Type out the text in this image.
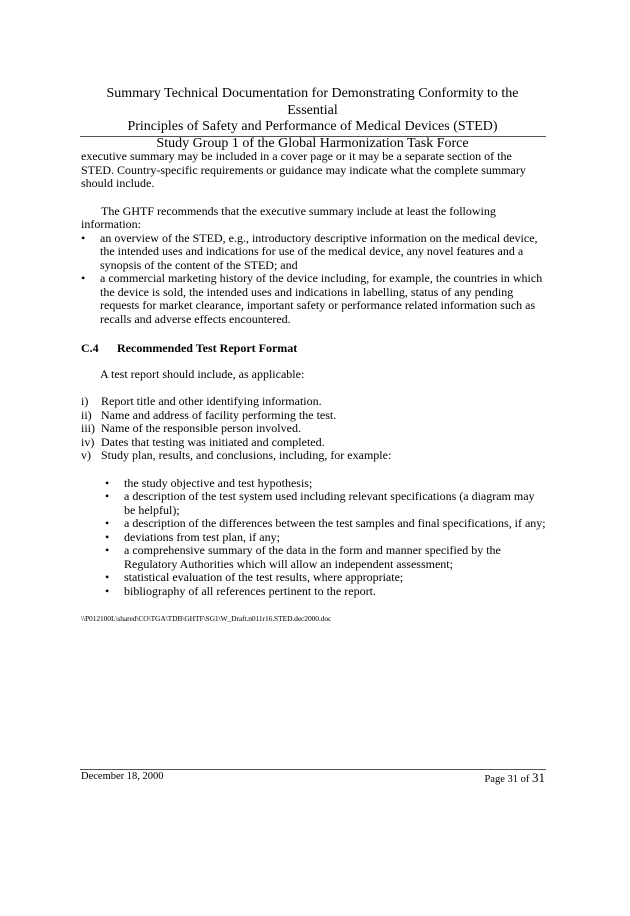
Summary Technical Documentation for Demonstrating Conformity to the Essential
Principles of Safety and Performance of Medical Devices (STED)
Study Group 1 of the Global Harmonization Task Force

executive summary may be included in a cover page or it may be a separate section of the STED. Country-specific requirements or guidance may indicate what the complete summary should include.

The GHTF recommends that the executive summary include at least the following information:

• an overview of the STED, e.g., introductory descriptive information on the medical device, the intended uses and indications for use of the medical device, any novel features and a synopsis of the content of the STED; and
• a commercial marketing history of the device including, for example, the countries in which the device is sold, the intended uses and indications in labelling, status of any pending requests for market clearance, important safety or performance related information such as recalls and adverse effects encountered.

C.4 Recommended Test Report Format

A test report should include, as applicable:

i) Report title and other identifying information.
ii) Name and address of facility performing the test.
iii) Name of the responsible person involved.
iv) Dates that testing was initiated and completed.
v) Study plan, results, and conclusions, including, for example:
• the study objective and test hypothesis;
• a description of the test system used including relevant specifications (a diagram may be helpful);
• a description of the differences between the test samples and final specifications, if any;
• deviations from test plan, if any;
• a comprehensive summary of the data in the form and manner specified by the Regulatory Authorities which will allow an independent assessment;
• statistical evaluation of the test results, where appropriate;
• bibliography of all references pertinent to the report.

\\P012100L\shared\CO\TGA\TDB\GHTF\SG1\W_Draft.n011r16.STED.dec2000.doc

December 18, 2000	Page 31 of 31
